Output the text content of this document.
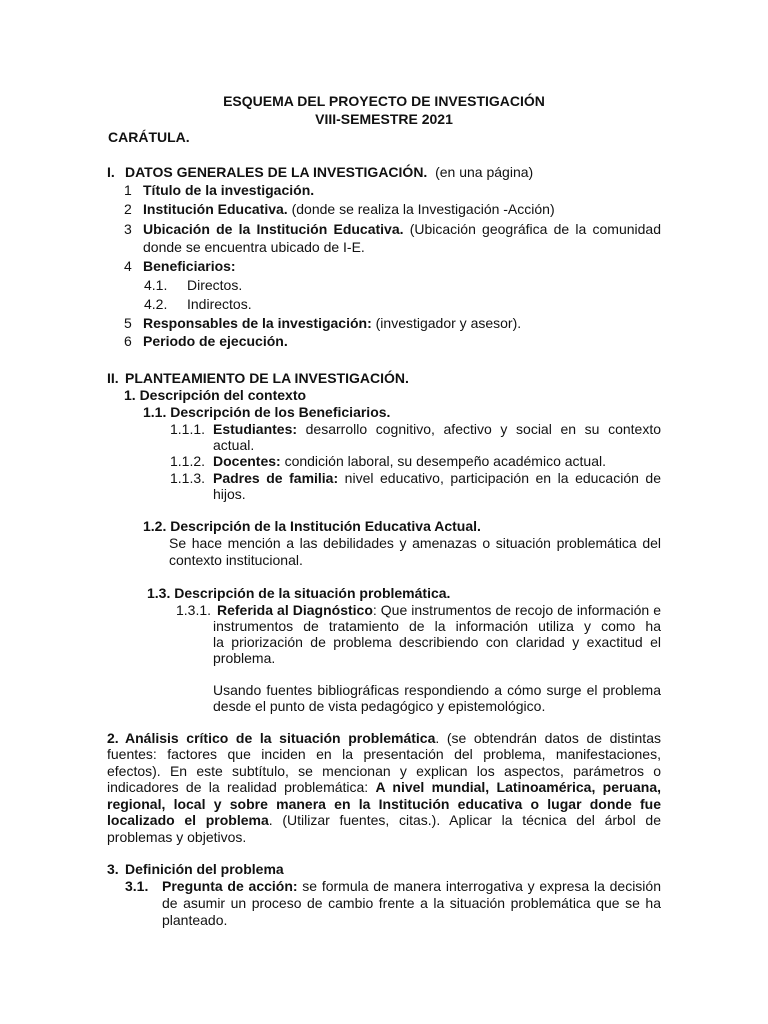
ESQUEMA DEL PROYECTO DE INVESTIGACIÓN
VIII-SEMESTRE 2021
CARÁTULA.
I. DATOS GENERALES DE LA INVESTIGACIÓN. (en una página)
1 Título de la investigación.
2 Institución Educativa. (donde se realiza la Investigación -Acción)
3 Ubicación de la Institución Educativa. (Ubicación geográfica de la comunidad
donde se encuentra ubicado de I-E.
4 Beneficiarios:
4.1. Directos.
4.2. Indirectos.
5 Responsables de la investigación: (investigador y asesor).
6 Periodo de ejecución.
II. PLANTEAMIENTO DE LA INVESTIGACIÓN.
1. Descripción del contexto
1.1. Descripción de los Beneficiarios.
1.1.1. Estudiantes: desarrollo cognitivo, afectivo y social en su contexto
actual.
1.1.2. Docentes: condición laboral, su desempeño académico actual.
1.1.3. Padres de familia: nivel educativo, participación en la educación de
hijos.
1.2. Descripción de la Institución Educativa Actual.
Se hace mención a las debilidades y amenazas o situación problemática del
contexto institucional.
1.3. Descripción de la situación problemática.
1.3.1. Referida al Diagnóstico: Que instrumentos de recojo de información e
instrumentos de tratamiento de la información utiliza y como ha
la priorización de problema describiendo con claridad y exactitud el
problema.
Usando fuentes bibliográficas respondiendo a cómo surge el problema
desde el punto de vista pedagógico y epistemológico.
2. Análisis crítico de la situación problemática. (se obtendrán datos de distintas
fuentes: factores que inciden en la presentación del problema, manifestaciones,
efectos). En este subtítulo, se mencionan y explican los aspectos, parámetros o
indicadores de la realidad problemática: A nivel mundial, Latinoamérica, peruana,
regional, local y sobre manera en la Institución educativa o lugar donde fue
localizado el problema. (Utilizar fuentes, citas.). Aplicar la técnica del árbol de
problemas y objetivos.
3. Definición del problema
3.1. Pregunta de acción: se formula de manera interrogativa y expresa la decisión
de asumir un proceso de cambio frente a la situación problemática que se ha
planteado.
